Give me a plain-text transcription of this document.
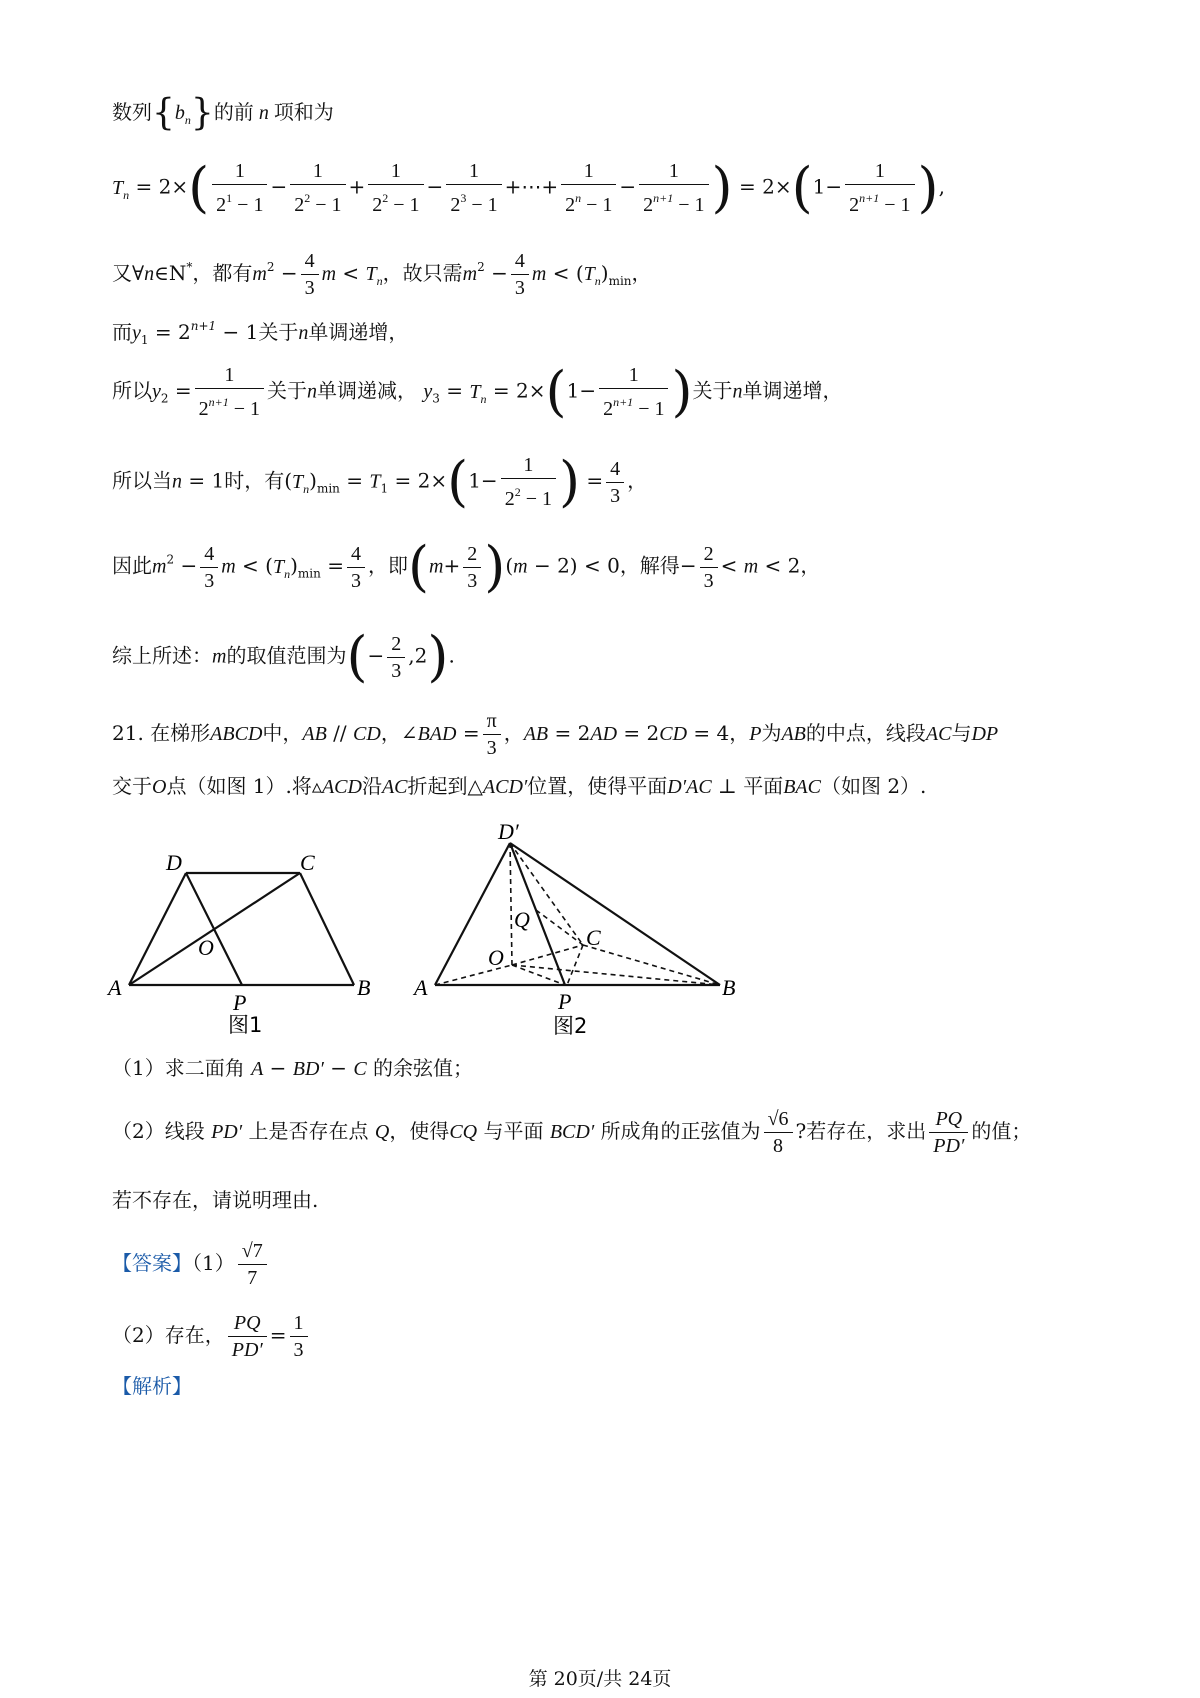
数列$\{b_n\}$的前 n 项和为
$T_n = 2\times( \frac{1}{2^1 - 1} - \frac{1}{2^2 - 1} + \frac{1}{2^2 - 1} - \frac{1}{2^3 - 1}$ +⋯+ $\frac{1}{2^n - 1} - \frac{1}{2^{n+1} - 1}$ ) = $2\times(1- \frac{1}{2^{n+1} - 1}$ ),
又∀n∈N*，都有$m^2 - \frac{4}{3}$ $m < T_n$，故只需$m^2 - \frac{4}{3}$ $m < (T_n)_{min}$，
而$y_1 = 2^{n+1} - 1$关于n单调递增，
所以$y_2 = \frac{1}{2^{n+1} - 1}$ 关于n单调递减， $y_3 = T_n = 2\times(1- \frac{1}{2^{n+1} - 1}$ )关于n单调递增，
所以当n = 1时，有$(T_n)_{min} = T_1 = 2\times(1- \frac{1}{2^2 - 1}$ ) = $\frac{4}{3}$ ，
因此$m^2 - \frac{4}{3}$ $m < (T_n)_{min} = \frac{4}{3}$ ，即$(m+ \frac{2}{3} )(m - 2) < 0$，解得− $\frac{2}{3} < m < 2$，
综上所述：m的取值范围为(− $\frac{2}{3} ,2$).
21. 在梯形ABCD中，AB // CD，∠BAD = $\frac{\pi}{3}$ ，AB = 2AD = 2CD = 4，P为AB的中点，线段AC与DP
交于O点（如图 1）.将▵ACD沿AC折起到△ACD′位置，使得平面D′AC ⊥ 平面BAC（如图 2）.
D	C
A	B
O
P
图1
D′
Q
C
O
A	B
P
图2
（1）求二面角 A − BD′ − C 的余弦值；
（2）线段 PD′ 上是否存在点 Q，使得CQ 与平面 BCD′ 所成角的正弦值为 $\frac{√6}{8}$ ?若存在，求出 $\frac{PQ}{PD'}$ 的值；
若不存在，请说明理由.
【答案】$(1) \frac{√7}{7}$
（2）存在， $\frac{PQ}{PD'} = \frac{1}{3}$
【解析】
第 20页/共 24页
